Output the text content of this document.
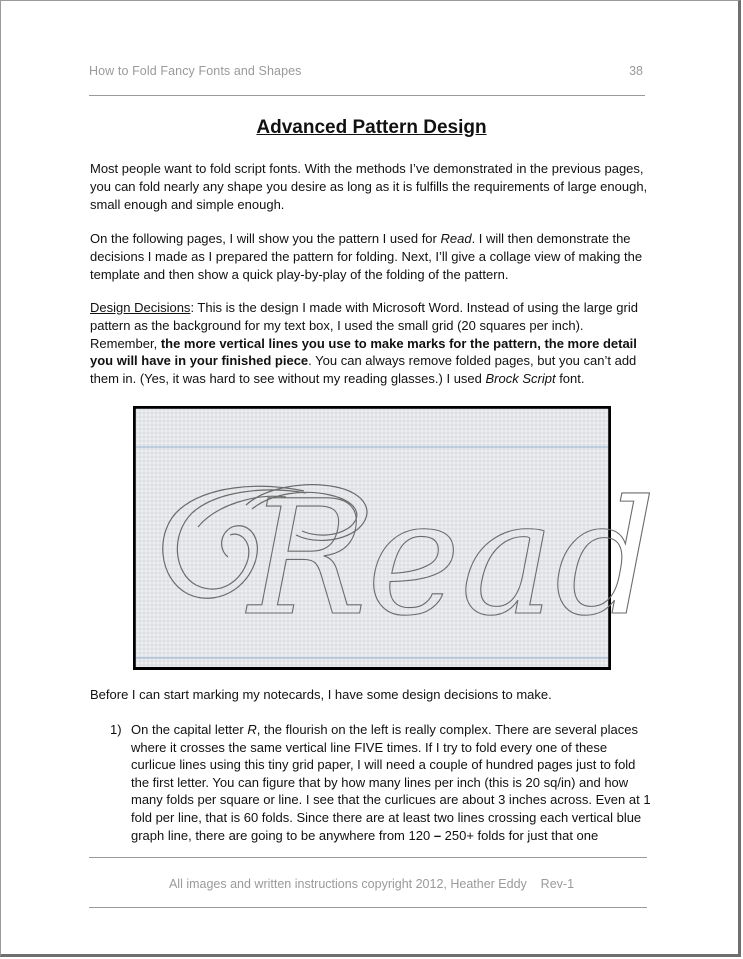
How to Fold Fancy Fonts and Shapes	38
Advanced Pattern Design

Most people want to fold script fonts. With the methods I’ve demonstrated in the previous pages, you can fold nearly any shape you desire as long as it is fulfills the requirements of large enough, small enough and simple enough.

On the following pages, I will show you the pattern I used for Read. I will then demonstrate the decisions I made as I prepared the pattern for folding. Next, I’ll give a collage view of making the template and then show a quick play-by-play of the folding of the pattern.

Design Decisions: This is the design I made with Microsoft Word. Instead of using the large grid pattern as the background for my text box, I used the small grid (20 squares per inch). Remember, the more vertical lines you use to make marks for the pattern, the more detail you will have in your finished piece. You can always remove folded pages, but you can’t add them in. (Yes, it was hard to see without my reading glasses.) I used Brock Script font.

Read

Before I can start marking my notecards, I have some design decisions to make.

1) On the capital letter R, the flourish on the left is really complex. There are several places where it crosses the same vertical line FIVE times. If I try to fold every one of these curlicue lines using this tiny grid paper, I will need a couple of hundred pages just to fold the first letter. You can figure that by how many lines per inch (this is 20 sq/in) and how many folds per square or line. I see that the curlicues are about 3 inches across. Even at 1 fold per line, that is 60 folds. Since there are at least two lines crossing each vertical blue graph line, there are going to be anywhere from 120 – 250+ folds for just that one
All images and written instructions copyright 2012, Heather Eddy    Rev-1
